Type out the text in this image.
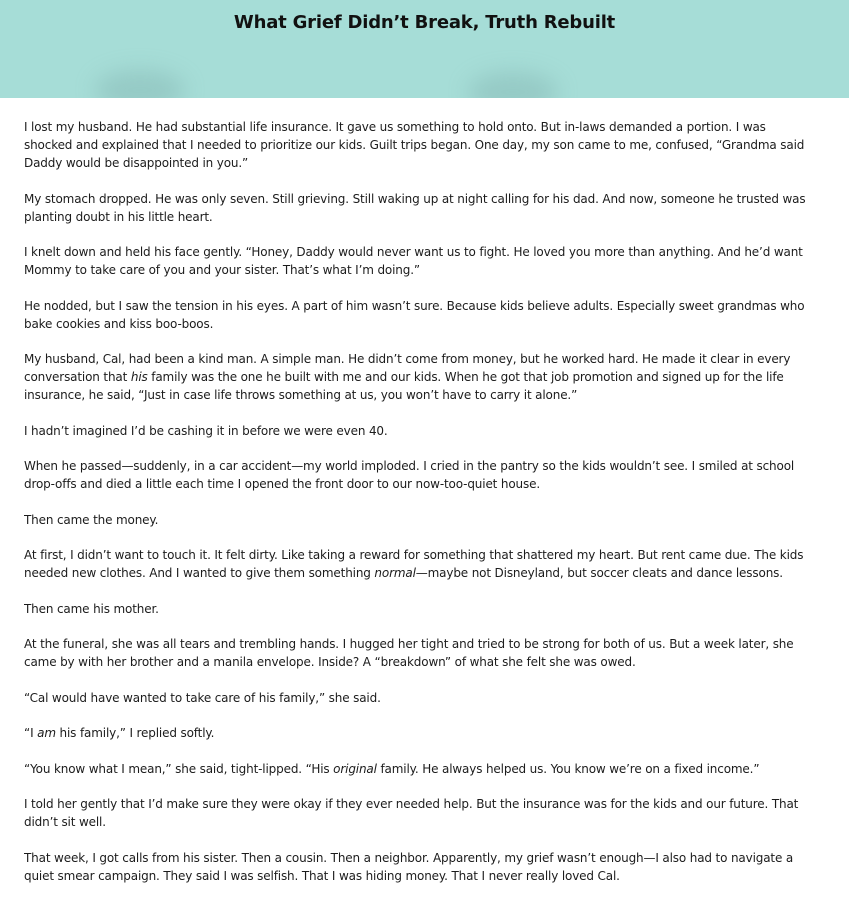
What Grief Didn’t Break, Truth Rebuilt

I lost my husband. He had substantial life insurance. It gave us something to hold onto. But in-laws demanded a portion. I was shocked and explained that I needed to prioritize our kids. Guilt trips began. One day, my son came to me, confused, “Grandma said Daddy would be disappointed in you.”

My stomach dropped. He was only seven. Still grieving. Still waking up at night calling for his dad. And now, someone he trusted was planting doubt in his little heart.

I knelt down and held his face gently. “Honey, Daddy would never want us to fight. He loved you more than anything. And he’d want Mommy to take care of you and your sister. That’s what I’m doing.”

He nodded, but I saw the tension in his eyes. A part of him wasn’t sure. Because kids believe adults. Especially sweet grandmas who bake cookies and kiss boo-boos.

My husband, Cal, had been a kind man. A simple man. He didn’t come from money, but he worked hard. He made it clear in every conversation that his family was the one he built with me and our kids. When he got that job promotion and signed up for the life insurance, he said, “Just in case life throws something at us, you won’t have to carry it alone.”

I hadn’t imagined I’d be cashing it in before we were even 40.

When he passed—suddenly, in a car accident—my world imploded. I cried in the pantry so the kids wouldn’t see. I smiled at school drop-offs and died a little each time I opened the front door to our now-too-quiet house.

Then came the money.

At first, I didn’t want to touch it. It felt dirty. Like taking a reward for something that shattered my heart. But rent came due. The kids needed new clothes. And I wanted to give them something normal—maybe not Disneyland, but soccer cleats and dance lessons.

Then came his mother.

At the funeral, she was all tears and trembling hands. I hugged her tight and tried to be strong for both of us. But a week later, she came by with her brother and a manila envelope. Inside? A “breakdown” of what she felt she was owed.

“Cal would have wanted to take care of his family,” she said.

“I am his family,” I replied softly.

“You know what I mean,” she said, tight-lipped. “His original family. He always helped us. You know we’re on a fixed income.”

I told her gently that I’d make sure they were okay if they ever needed help. But the insurance was for the kids and our future. That didn’t sit well.

That week, I got calls from his sister. Then a cousin. Then a neighbor. Apparently, my grief wasn’t enough—I also had to navigate a quiet smear campaign. They said I was selfish. That I was hiding money. That I never really loved Cal.
